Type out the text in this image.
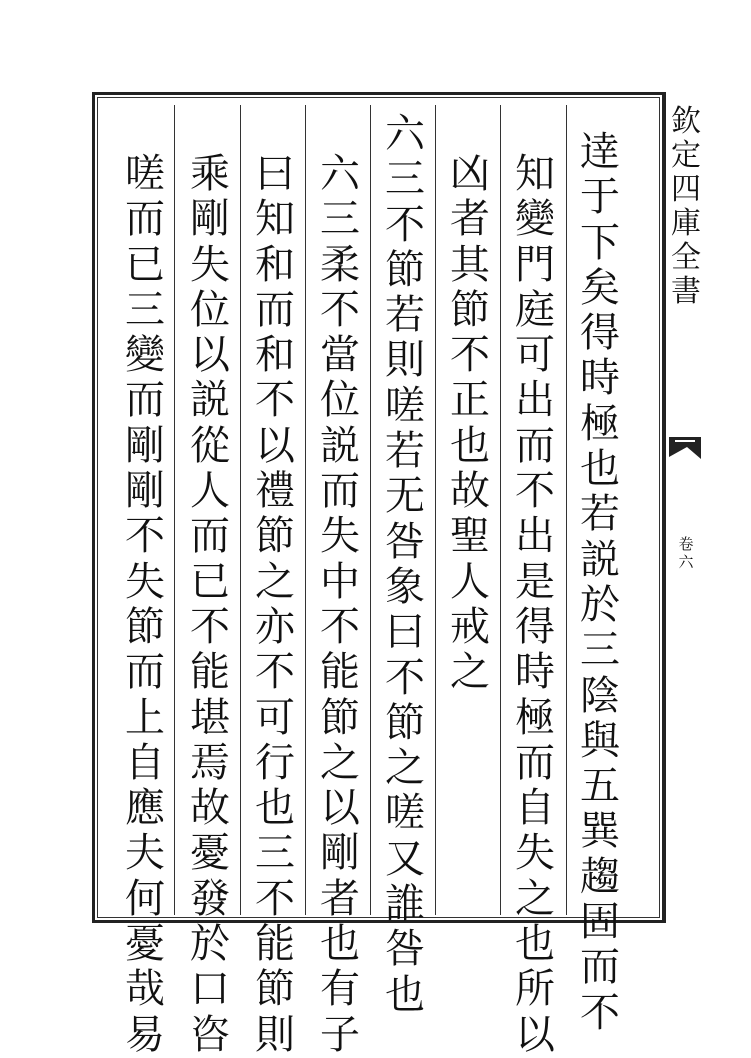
逹
于
下
矣
得
時
極
也
若
説
於
三
陰
與
五
巽
趨
固
而
不
知
變
門
庭
可
出
而
不
出
是
得
時
極
而
自
失
之
也
所
以
凶
者
其
節
不
正
也
故
聖
人
戒
之
六
三
不
節
若
則
嗟
若
无
咎
象
曰
不
節
之
嗟
又
誰
咎
也
六
三
柔
不
當
位
説
而
失
中
不
能
節
之
以
剛
者
也
有
子
曰
知
和
而
和
不
以
禮
節
之
亦
不
可
行
也
三
不
能
節
則
乘
剛
失
位
以
説
從
人
而
已
不
能
堪
焉
故
憂
發
於
口
咨
嗟
而
已
三
變
而
剛
剛
不
失
節
而
上
自
應
夫
何
憂
哉
易
欽
定
四
庫
全
書
卷
六
